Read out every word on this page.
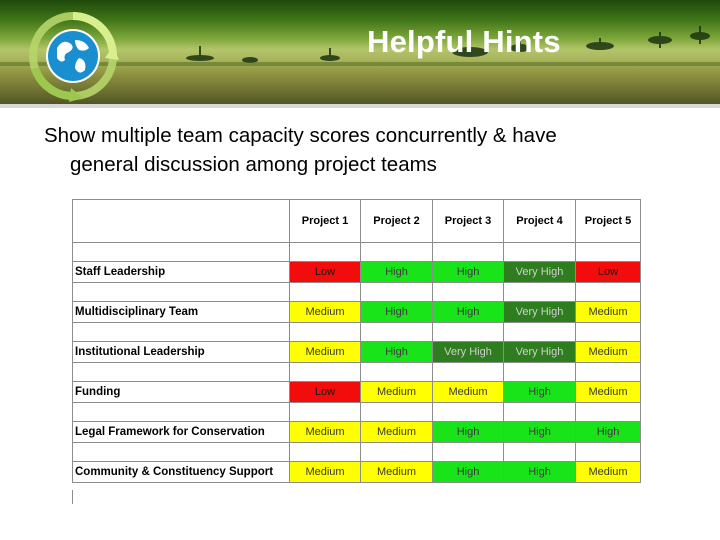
Helpful Hints
Show multiple team capacity scores concurrently & have
general discussion among project teams
	Project 1	Project 2	Project 3	Project 4	Project 5

Staff Leadership	Low	High	High	Very High	Low

Multidisciplinary Team	Medium	High	High	Very High	Medium

Institutional Leadership	Medium	High	Very High	Very High	Medium

Funding	Low	Medium	Medium	High	Medium

Legal Framework for Conservation	Medium	Medium	High	High	High

Community & Constituency Support	Medium	Medium	High	High	Medium
